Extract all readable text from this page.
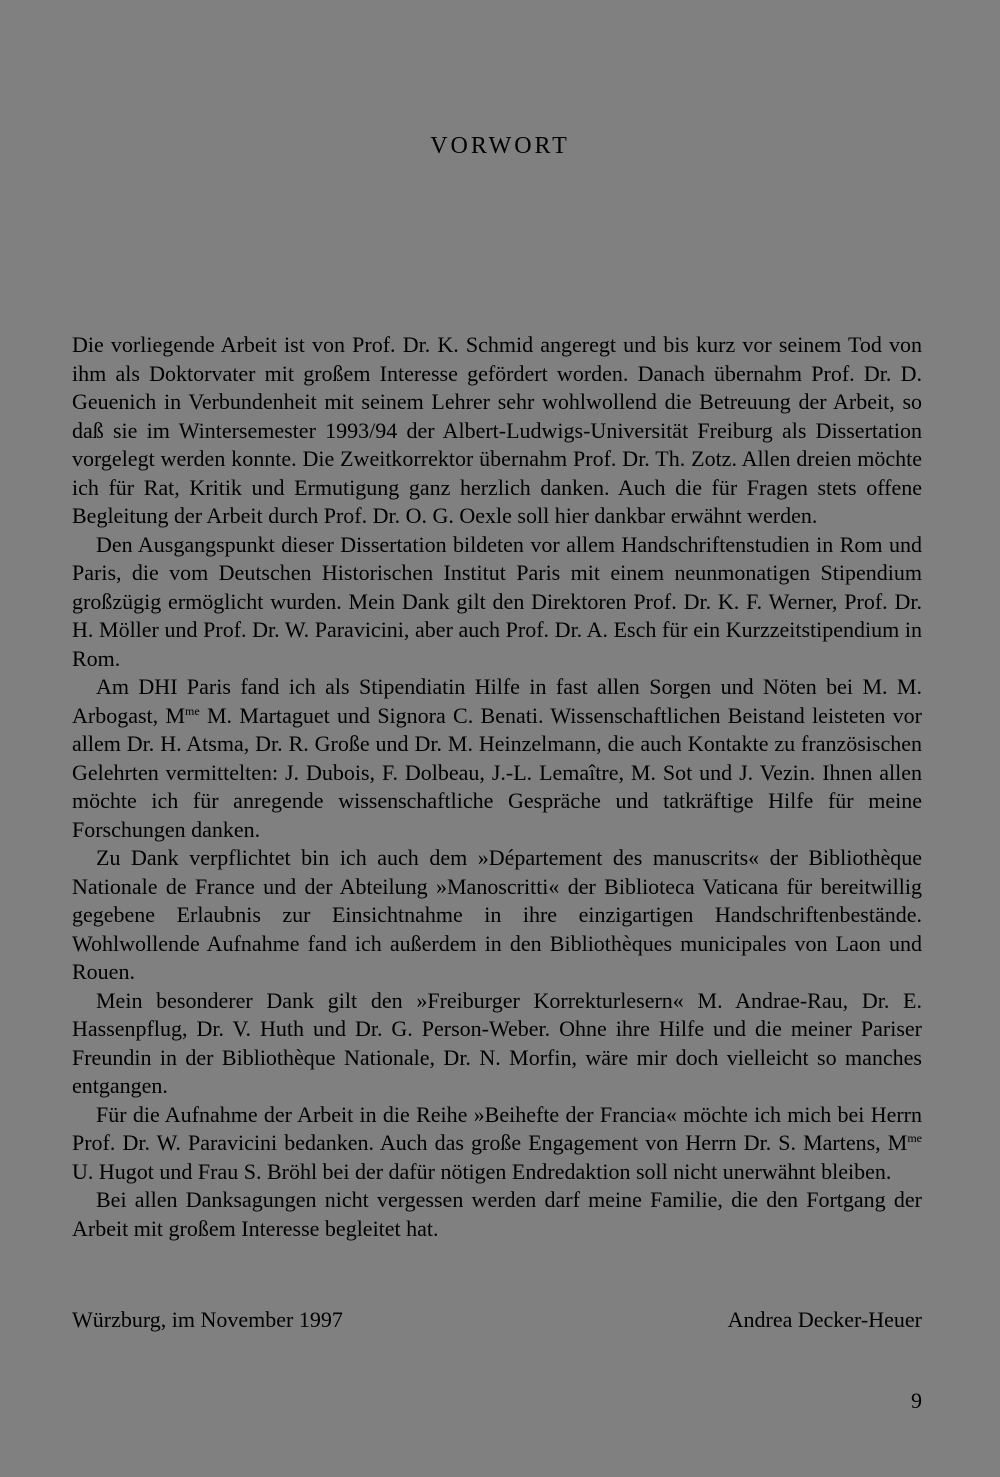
VORWORT

Die vorliegende Arbeit ist von Prof. Dr. K. Schmid angeregt und bis kurz vor seinem Tod von ihm als Doktorvater mit großem Interesse gefördert worden. Danach übernahm Prof. Dr. D. Geuenich in Verbundenheit mit seinem Lehrer sehr wohlwollend die Betreuung der Arbeit, so daß sie im Wintersemester 1993/94 der Albert-Ludwigs-Universität Freiburg als Dissertation vorgelegt werden konnte. Die Zweitkorrektor übernahm Prof. Dr. Th. Zotz. Allen dreien möchte ich für Rat, Kritik und Ermutigung ganz herzlich danken. Auch die für Fragen stets offene Begleitung der Arbeit durch Prof. Dr. O. G. Oexle soll hier dankbar erwähnt werden.

Den Ausgangspunkt dieser Dissertation bildeten vor allem Handschriftenstudien in Rom und Paris, die vom Deutschen Historischen Institut Paris mit einem neunmonatigen Stipendium großzügig ermöglicht wurden. Mein Dank gilt den Direktoren Prof. Dr. K. F. Werner, Prof. Dr. H. Möller und Prof. Dr. W. Paravicini, aber auch Prof. Dr. A. Esch für ein Kurzzeitstipendium in Rom.

Am DHI Paris fand ich als Stipendiatin Hilfe in fast allen Sorgen und Nöten bei M. M. Arbogast, $M^{me}$ M. Martaguet und Signora C. Benati. Wissenschaftlichen Beistand leisteten vor allem Dr. H. Atsma, Dr. R. Große und Dr. M. Heinzelmann, die auch Kontakte zu französischen Gelehrten vermittelten: J. Dubois, F. Dolbeau, J.-L. Lemaître, M. Sot und J. Vezin. Ihnen allen möchte ich für anregende wissenschaftliche Gespräche und tatkräftige Hilfe für meine Forschungen danken.

Zu Dank verpflichtet bin ich auch dem »Département des manuscrits« der Bibliothèque Nationale de France und der Abteilung »Manoscritti« der Biblioteca Vaticana für bereitwillig gegebene Erlaubnis zur Einsichtnahme in ihre einzigartigen Handschriftenbestände. Wohlwollende Aufnahme fand ich außerdem in den Bibliothèques municipales von Laon und Rouen.

Mein besonderer Dank gilt den »Freiburger Korrekturlesern« M. Andrae-Rau, Dr. E. Hassenpflug, Dr. V. Huth und Dr. G. Person-Weber. Ohne ihre Hilfe und die meiner Pariser Freundin in der Bibliothèque Nationale, Dr. N. Morfin, wäre mir doch vielleicht so manches entgangen.

Für die Aufnahme der Arbeit in die Reihe »Beihefte der Francia« möchte ich mich bei Herrn Prof. Dr. W. Paravicini bedanken. Auch das große Engagement von Herrn Dr. S. Martens, $M^{me}$ U. Hugot und Frau S. Bröhl bei der dafür nötigen Endredaktion soll nicht unerwähnt bleiben.

Bei allen Danksagungen nicht vergessen werden darf meine Familie, die den Fortgang der Arbeit mit großem Interesse begleitet hat.

Würzburg, im November 1997	Andrea Decker-Heuer
9
